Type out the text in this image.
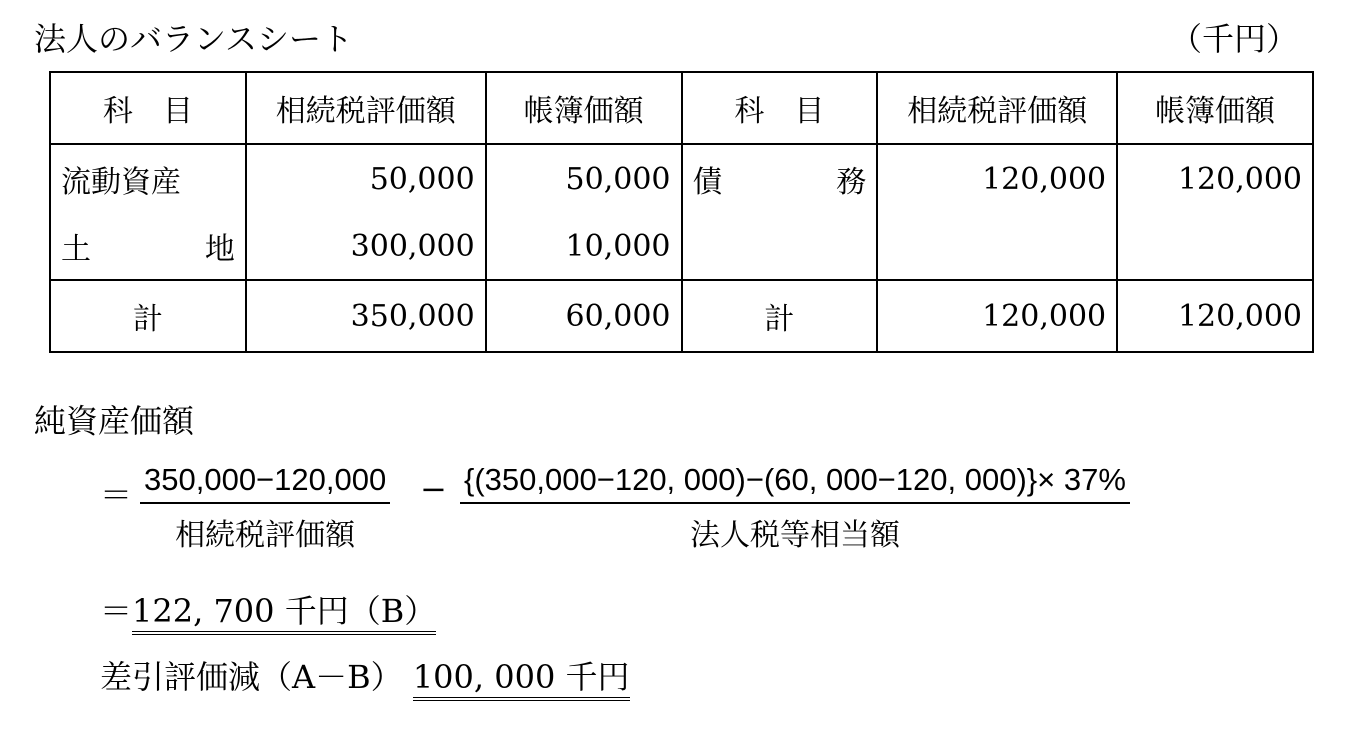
法人のバランスシート	（千円）
科　目	相続税評価額	帳簿価額	科　目	相続税評価額	帳簿価額

流動資産	50,000	50,000	債 務	120,000	120,000

土 地	300,000	10,000	

計	350,000	60,000	計	120,000	120,000
純資産価額
＝ 350,000−120,000
相続税評価額
− {(350,000−120, 000)−(60, 000−120, 000)}× 37%
法人税等相当額
＝122, 700 千円（B）
差引評価減（A－B） 100, 000 千円
